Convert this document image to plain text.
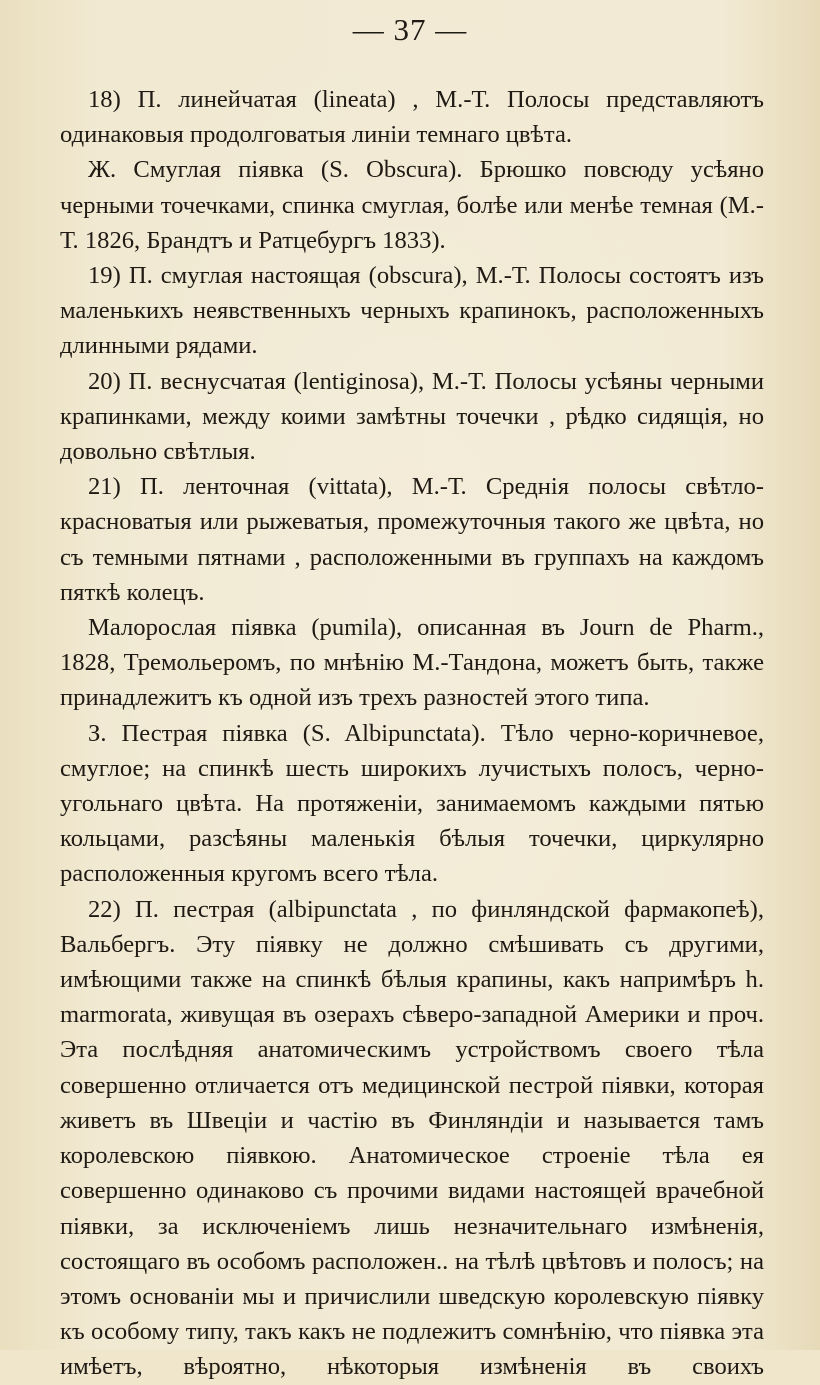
— 37 —

18) П. линейчатая (lineata) , М.-Т. Полосы представляютъ одинаковыя продолговатыя линіи темнаго цвѣта.

Ж. Смуглая піявка (S. Obscura). Брюшко повсюду усѣяно черными точечками, спинка смуглая, болѣе или менѣе темная (М.-Т. 1826, Брандтъ и Ратцебургъ 1833).

19) П. смуглая настоящая (obscura), М.-Т. Полосы состоятъ изъ маленькихъ неявственныхъ черныхъ крапинокъ, расположенныхъ длинными рядами.

20) П. веснусчатая (lentiginosa), М.-Т. Полосы усѣяны черными крапинками, между коими замѣтны точечки , рѣдко сидящія, но довольно свѣтлыя.

21) П. ленточная (vittata), М.-Т. Среднія полосы свѣтло-красноватыя или рыжеватыя, промежуточныя такого же цвѣта, но съ темными пятнами , расположенными въ группахъ на каждомъ пяткѣ колецъ.

Малорослая піявка (pumila), описанная въ Journ de Pharm., 1828, Тремольеромъ, по мнѣнію М.-Тандона, можетъ быть, также принадлежитъ къ одной изъ трехъ разностей этого типа.

З. Пестрая піявка (S. Albipunctata). Тѣло черно-коричневое, смуглое; на спинкѣ шесть широкихъ лучистыхъ полосъ, черно-угольнаго цвѣта. На протяженіи, занимаемомъ каждыми пятью кольцами, разсѣяны маленькія бѣлыя точечки, циркулярно расположенныя кругомъ всего тѣла.

22) П. пестрая (albipunctata , по финляндской фармакопеѣ), Вальбергъ. Эту піявку не должно смѣшивать съ другими, имѣющими также на спинкѣ бѣлыя крапины, какъ напримѣръ h. marmorata, живущая въ озерахъ сѣверо-западной Америки и проч. Эта послѣдняя анатомическимъ устройствомъ своего тѣла совершенно отличается отъ медицинской пестрой піявки, которая живетъ въ Швеціи и частію въ Финляндіи и называется тамъ королевскою піявкою. Анатомическое строеніе тѣла ея совершенно одинаково съ прочими видами настоящей врачебной піявки, за исключеніемъ лишь незначительнаго измѣненія, состоящаго въ особомъ расположен.. на тѣлѣ цвѣтовъ и полосъ; на этомъ основаніи мы и причислили шведскую королевскую піявку къ особому типу, такъ какъ не подлежитъ сомнѣнію, что піявка эта имѣетъ, вѣроятно, нѣкоторыя измѣненія въ своихъ
